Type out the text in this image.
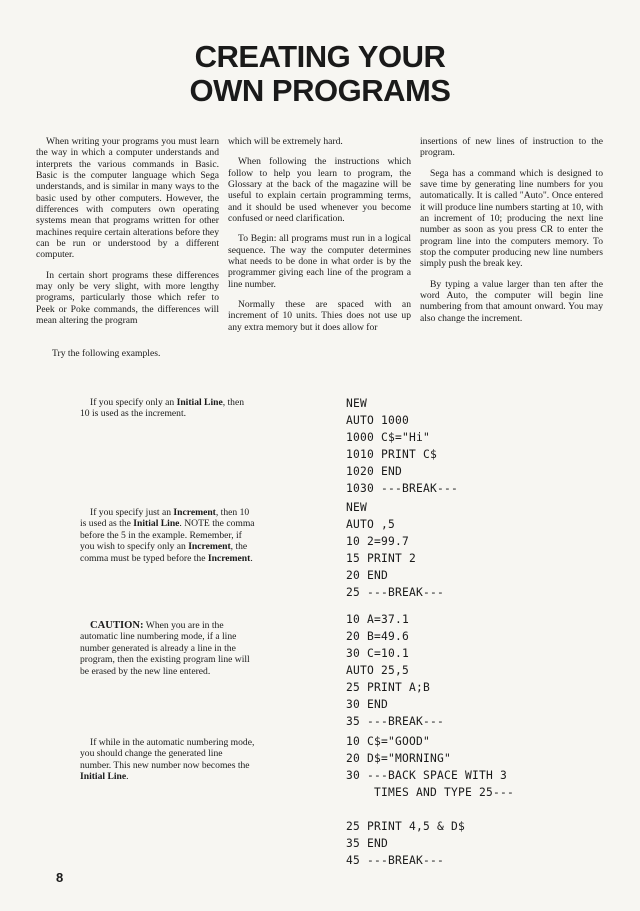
CREATING YOUR
OWN PROGRAMS

When writing your programs you must learn the way in which a computer understands and interprets the various commands in Basic. Basic is the computer language which Sega understands, and is similar in many ways to the basic used by other computers. However, the differences with computers own operating systems mean that programs written for other machines require certain alterations before they can be run or understood by a different computer.

In certain short programs these differences may only be very slight, with more lengthy programs, particularly those which refer to Peek or Poke commands, the differences will mean altering the program

which will be extremely hard.

When following the instructions which follow to help you learn to program, the Glossary at the back of the magazine will be useful to explain certain programming terms, and it should be used whenever you become confused or need clarification.

To Begin: all programs must run in a logical sequence. The way the computer determines what needs to be done in what order is by the programmer giving each line of the program a line number.

Normally these are spaced with an increment of 10 units. Thies does not use up any extra memory but it does allow for

insertions of new lines of instruction to the program.

Sega has a command which is designed to save time by generating line numbers for you automatically. It is called "Auto". Once entered it will produce line numbers starting at 10, with an increment of 10; producing the next line number as soon as you press CR to enter the program line into the computers memory. To stop the computer producing new line numbers simply push the break key.

By typing a value larger than ten after the word Auto, the computer will begin line numbering from that amount onward. You may also change the increment.

Try the following examples.

If you specify only an Initial Line, then 10 is used as the increment.

NEW
AUTO 1000
1000 C$="Hi"
1010 PRINT C$
1020 END
1030 ---BREAK---

If you specify just an Increment, then 10 is used as the Initial Line. NOTE the comma before the 5 in the example. Remember, if you wish to specify only an Increment, the comma must be typed before the Increment.

NEW
AUTO ,5
10 2=99.7
15 PRINT 2
20 END
25 ---BREAK---

CAUTION: When you are in the automatic line numbering mode, if a line number generated is already a line in the program, then the existing program line will be erased by the new line entered.

10 A=37.1
20 B=49.6
30 C=10.1
AUTO 25,5
25 PRINT A;B
30 END
35 ---BREAK---

If while in the automatic numbering mode, you should change the generated line number. This new number now becomes the Initial Line.

10 C$="GOOD"
20 D$="MORNING"
30 ---BACK SPACE WITH 3
TIMES AND TYPE 25---

25 PRINT 4,5 & D$
35 END
45 ---BREAK---

8
